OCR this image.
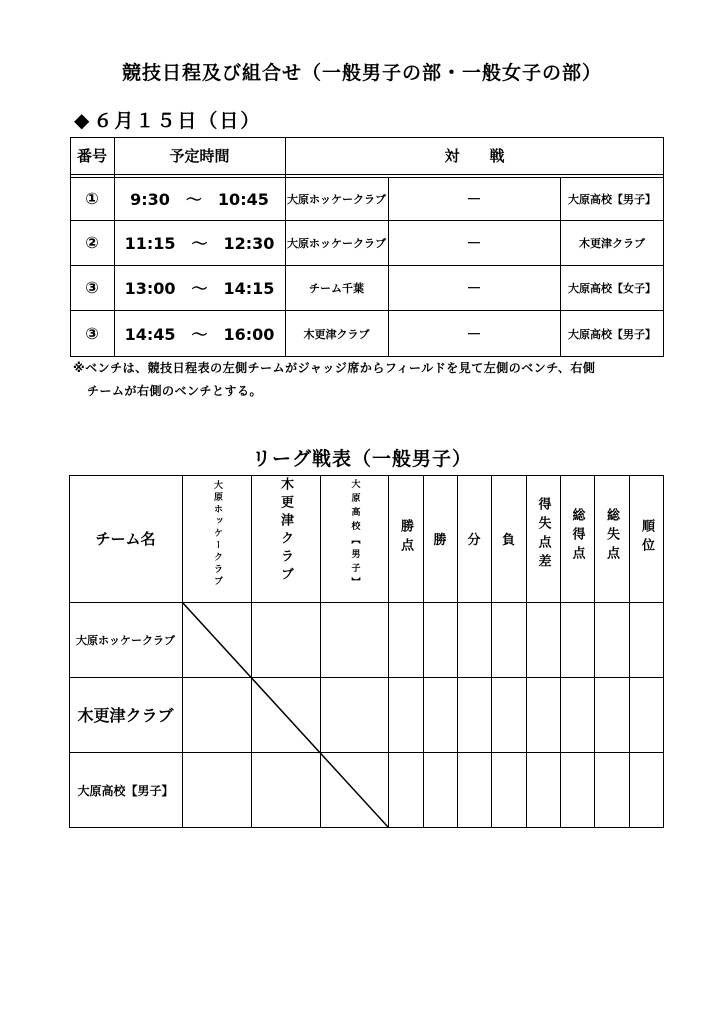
競技日程及び組合せ（一般男子の部・一般女子の部）
◆ ６月１５日（日）
番号	予定時間	対　　戦
①	9:30　～　10:45	大原ホッケークラブ	－	大原高校【男子】
②	11:15　～　12:30	大原ホッケークラブ	－	木更津クラブ
③	13:00　～　14:15	チーム千葉	－	大原高校【女子】
③	14:45　～　16:00	木更津クラブ	－	大原高校【男子】
※ベンチは、競技日程表の左側チームがジャッジ席からフィールドを見て左側のベンチ、右側
チームが右側のベンチとする。
リーグ戦表（一般男子）
チーム名	大原ホッケークラブ	木更津クラブ	大原高校【男子】	勝点 勝 分 負 得失点差 総得点 総失点 順位
大原ホッケークラブ
木更津クラブ
大原高校【男子】
